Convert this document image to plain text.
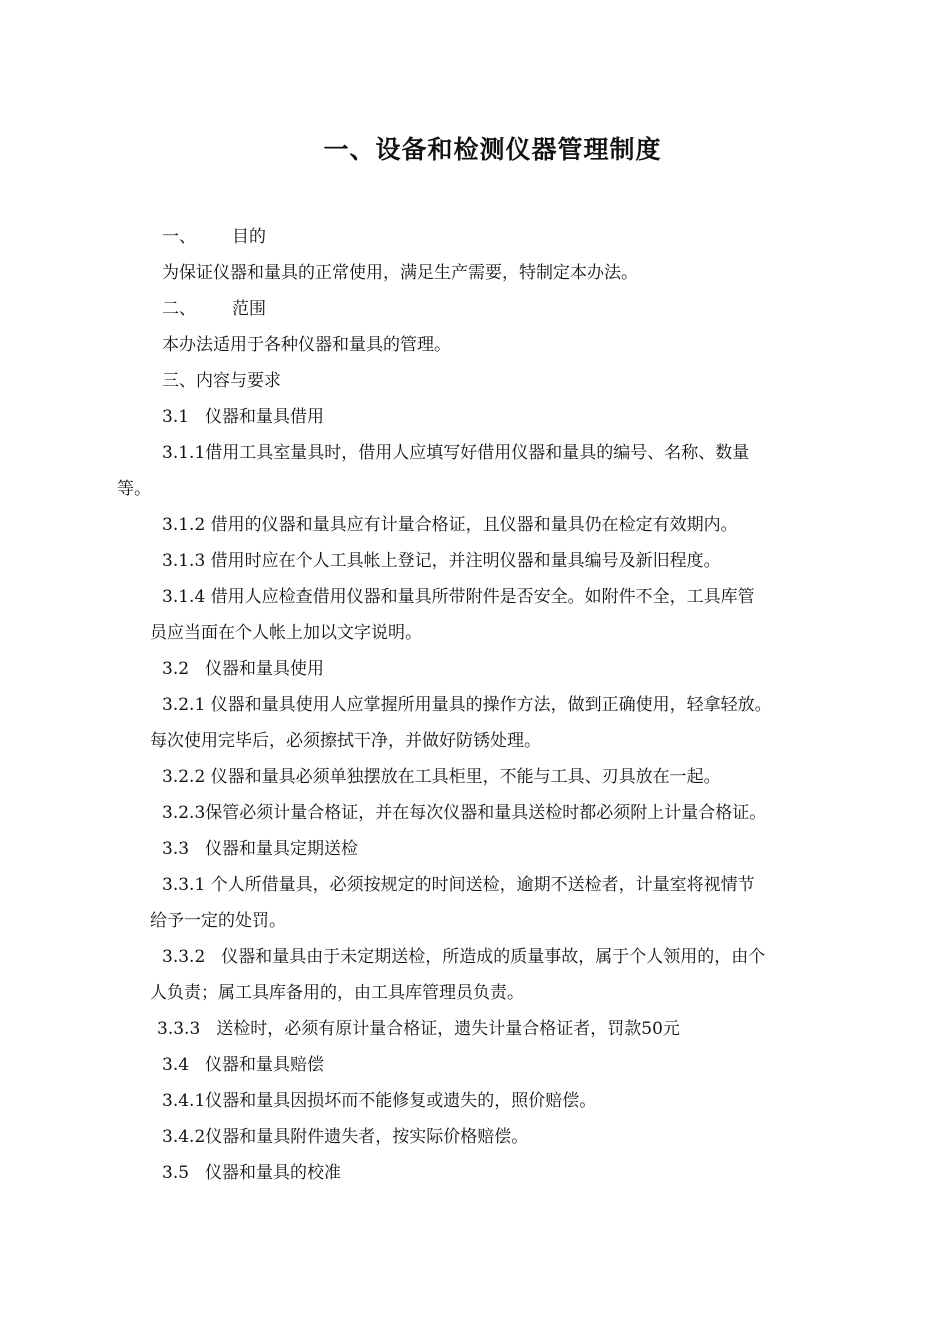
一、设备和检测仪器管理制度
一、 目的
为保证仪器和量具的正常使用，满足生产需要，特制定本办法。
二、 范围
本办法适用于各种仪器和量具的管理。
三、内容与要求
3.1 仪器和量具借用
3.1.1借用工具室量具时，借用人应填写好借用仪器和量具的编号、名称、数量
等。
3.1.2 借用的仪器和量具应有计量合格证，且仪器和量具仍在检定有效期内。
3.1.3 借用时应在个人工具帐上登记，并注明仪器和量具编号及新旧程度。
3.1.4 借用人应检查借用仪器和量具所带附件是否安全。如附件不全，工具库管
员应当面在个人帐上加以文字说明。
3.2 仪器和量具使用
3.2.1 仪器和量具使用人应掌握所用量具的操作方法，做到正确使用，轻拿轻放。
每次使用完毕后，必须擦拭干净，并做好防锈处理。
3.2.2 仪器和量具必须单独摆放在工具柜里，不能与工具、刃具放在一起。
3.2.3保管必须计量合格证，并在每次仪器和量具送检时都必须附上计量合格证。
3.3 仪器和量具定期送检
3.3.1 个人所借量具，必须按规定的时间送检，逾期不送检者，计量室将视情节
给予一定的处罚。
3.3.2 仪器和量具由于未定期送检，所造成的质量事故，属于个人领用的，由个
人负责；属工具库备用的，由工具库管理员负责。
3.3.3 送检时，必须有原计量合格证，遗失计量合格证者，罚款50元
3.4 仪器和量具赔偿
3.4.1仪器和量具因损坏而不能修复或遗失的，照价赔偿。
3.4.2仪器和量具附件遗失者，按实际价格赔偿。
3.5 仪器和量具的校准
